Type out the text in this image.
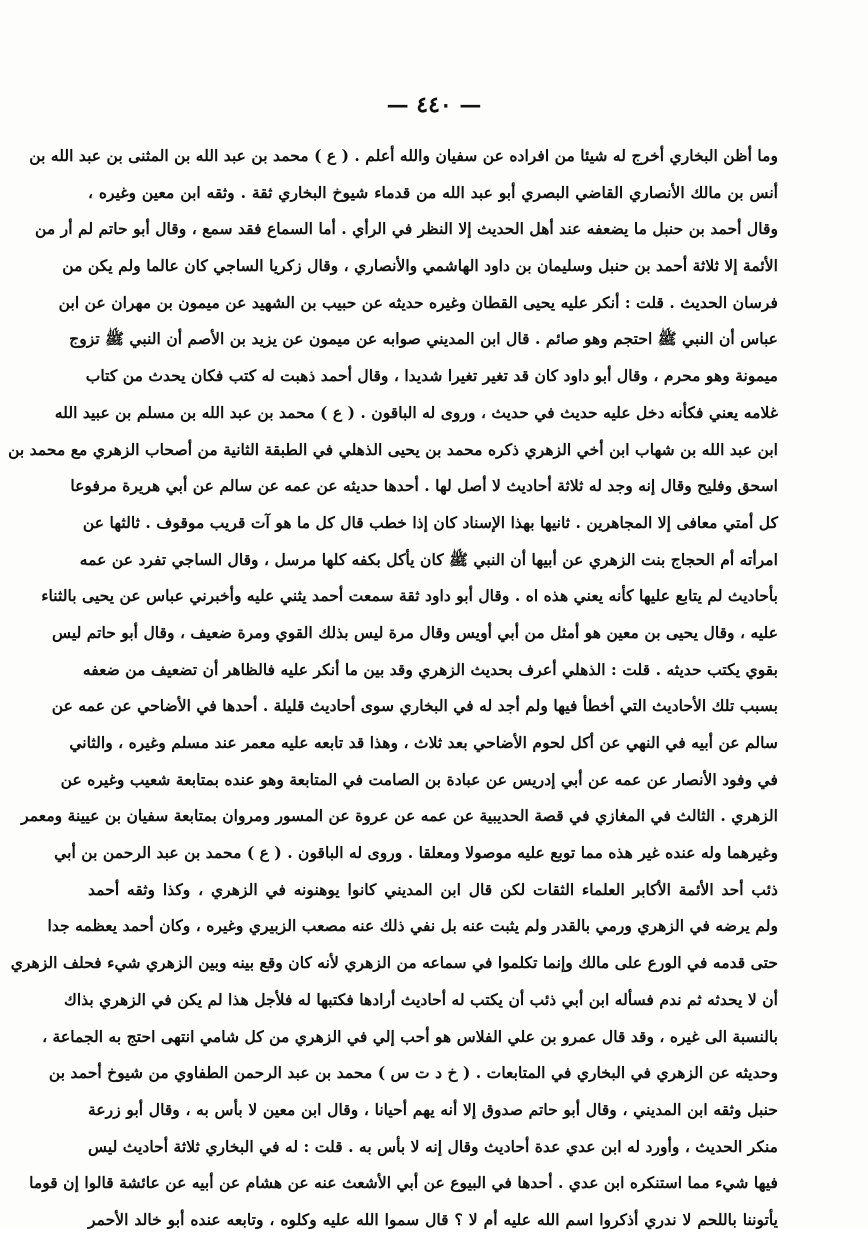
— ٤٤٠ —
وما أظن البخاري أخرج له شيئا من افراده عن سفيان والله أعلم . ( ع ) محمد بن عبد الله بن المثنى بن عبد الله بن
أنس بن مالك الأنصاري القاضي البصري أبو عبد الله من قدماء شيوخ البخاري ثقة . وثقه ابن معين وغيره ،
وقال أحمد بن حنبل ما يضعفه عند أهل الحديث إلا النظر في الرأي . أما السماع فقد سمع ، وقال أبو حاتم لم أر من
الأئمة إلا ثلاثة أحمد بن حنبل وسليمان بن داود الهاشمي والأنصاري ، وقال زكريا الساجي كان عالما ولم يكن من
فرسان الحديث . قلت : أنكر عليه يحيى القطان وغيره حديثه عن حبيب بن الشهيد عن ميمون بن مهران عن ابن
عباس أن النبي ﷺ احتجم وهو صائم . قال ابن المديني صوابه عن ميمون عن يزيد بن الأصم أن النبي ﷺ تزوج
ميمونة وهو محرم ، وقال أبو داود كان قد تغير تغيرا شديدا ، وقال أحمد ذهبت له كتب فكان يحدث من كتاب
غلامه يعني فكأنه دخل عليه حديث في حديث ، وروى له الباقون . ( ع ) محمد بن عبد الله بن مسلم بن عبيد الله
ابن عبد الله بن شهاب ابن أخي الزهري ذكره محمد بن يحيى الذهلي في الطبقة الثانية من أصحاب الزهري مع محمد بن
اسحق وفليح وقال إنه وجد له ثلاثة أحاديث لا أصل لها . أحدها حديثه عن عمه عن سالم عن أبي هريرة مرفوعا
كل أمتي معافى إلا المجاهرين . ثانيها بهذا الإسناد كان إذا خطب قال كل ما هو آت قريب موقوف . ثالثها عن
امرأته أم الحجاج بنت الزهري عن أبيها أن النبي ﷺ كان يأكل بكفه كلها مرسل ، وقال الساجي تفرد عن عمه
بأحاديث لم يتابع عليها كأنه يعني هذه اه . وقال أبو داود ثقة سمعت أحمد يثني عليه وأخبرني عباس عن يحيى بالثناء
عليه ، وقال يحيى بن معين هو أمثل من أبي أويس وقال مرة ليس بذلك القوي ومرة ضعيف ، وقال أبو حاتم ليس
بقوي يكتب حديثه . قلت : الذهلي أعرف بحديث الزهري وقد بين ما أنكر عليه فالظاهر أن تضعيف من ضعفه
بسبب تلك الأحاديث التي أخطأ فيها ولم أجد له في البخاري سوى أحاديث قليلة . أحدها في الأضاحي عن عمه عن
سالم عن أبيه في النهي عن أكل لحوم الأضاحي بعد ثلاث ، وهذا قد تابعه عليه معمر عند مسلم وغيره ، والثاني
في وفود الأنصار عن عمه عن أبي إدريس عن عبادة بن الصامت في المتابعة وهو عنده بمتابعة شعيب وغيره عن
الزهري . الثالث في المغازي في قصة الحديبية عن عمه عن عروة عن المسور ومروان بمتابعة سفيان بن عيينة ومعمر
وغيرهما وله عنده غير هذه مما توبع عليه موصولا ومعلقا . وروى له الباقون . ( ع ) محمد بن عبد الرحمن بن أبي
ذئب أحد الأئمة الأكابر العلماء الثقات لكن قال ابن المديني كانوا يوهنونه في الزهري ، وكذا وثقه أحمد
ولم يرضه في الزهري ورمي بالقدر ولم يثبت عنه بل نفي ذلك عنه مصعب الزبيري وغيره ، وكان أحمد يعظمه جدا
حتى قدمه في الورع على مالك وإنما تكلموا في سماعه من الزهري لأنه كان وقع بينه وبين الزهري شيء فحلف الزهري
أن لا يحدثه ثم ندم فسأله ابن أبي ذئب أن يكتب له أحاديث أرادها فكتبها له فلأجل هذا لم يكن في الزهري بذاك
بالنسبة الى غيره ، وقد قال عمرو بن علي الفلاس هو أحب إلي في الزهري من كل شامي انتهى احتج به الجماعة ،
وحديثه عن الزهري في البخاري في المتابعات . ( خ د ت س ) محمد بن عبد الرحمن الطفاوي من شيوخ أحمد بن
حنبل وثقه ابن المديني ، وقال أبو حاتم صدوق إلا أنه يهم أحيانا ، وقال ابن معين لا بأس به ، وقال أبو زرعة
منكر الحديث ، وأورد له ابن عدي عدة أحاديث وقال إنه لا بأس به . قلت : له في البخاري ثلاثة أحاديث ليس
فيها شيء مما استنكره ابن عدي . أحدها في البيوع عن أبي الأشعث عنه عن هشام عن أبيه عن عائشة قالوا إن قوما
يأتوننا باللحم لا ندري أذكروا اسم الله عليه أم لا ؟ قال سموا الله عليه وكلوه ، وتابعه عنده أبو خالد الأحمر
